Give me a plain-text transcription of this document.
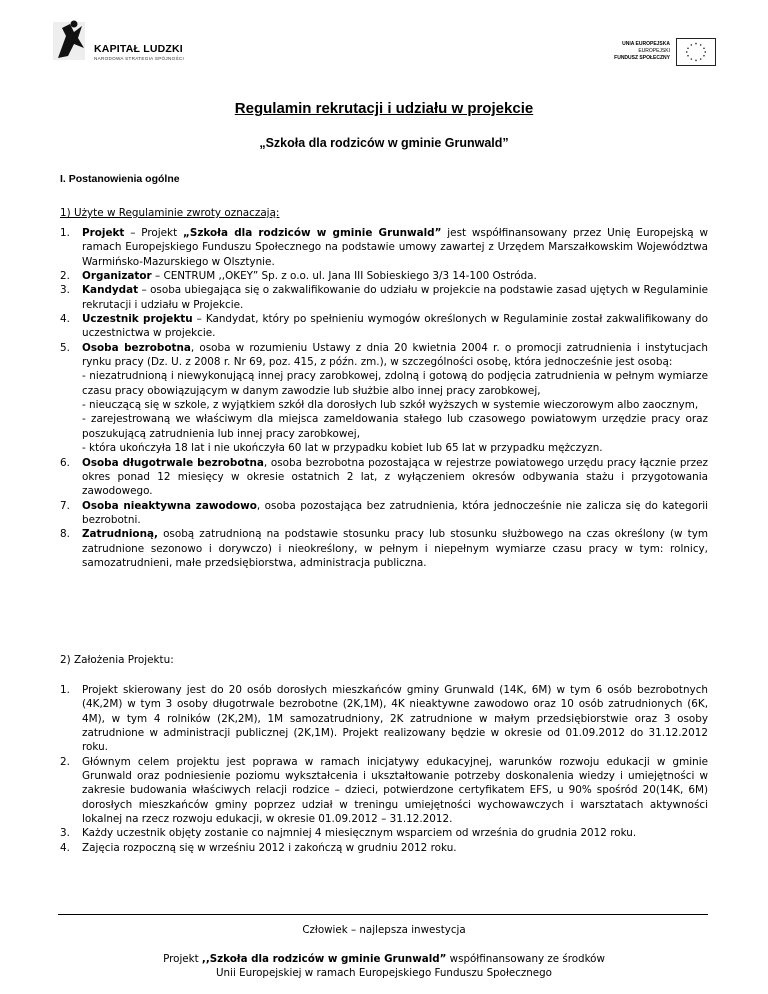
KAPITAŁ LUDZKI
NARODOWA STRATEGIA SPÓJNOŚCI
UNIA EUROPEJSKA
EUROPEJSKI
FUNDUSZ SPOŁECZNY
Regulamin rekrutacji i udziału w projekcie
„Szkoła dla rodziców w gminie Grunwald”
I. Postanowienia ogólne
1) Użyte w Regulaminie zwroty oznaczają:
1. Projekt – Projekt „Szkoła dla rodziców w gminie Grunwald” jest współfinansowany przez Unię Europejską w ramach Europejskiego Funduszu Społecznego na podstawie umowy zawartej z Urzędem Marszałkowskim Województwa Warmińsko-Mazurskiego w Olsztynie.
2. Organizator – CENTRUM ,,OKEY” Sp. z o.o. ul. Jana III Sobieskiego 3/3 14-100 Ostróda.
3. Kandydat – osoba ubiegająca się o zakwalifikowanie do udziału w projekcie na podstawie zasad ujętych w Regulaminie rekrutacji i udziału w Projekcie.
4. Uczestnik projektu – Kandydat, który po spełnieniu wymogów określonych w Regulaminie został zakwalifikowany do uczestnictwa w projekcie.
5. Osoba bezrobotna, osoba w rozumieniu Ustawy z dnia 20 kwietnia 2004 r. o promocji zatrudnienia i instytucjach rynku pracy (Dz. U. z 2008 r. Nr 69, poz. 415, z późn. zm.), w szczególności osobę, która jednocześnie jest osobą:
- niezatrudnioną i niewykonującą innej pracy zarobkowej, zdolną i gotową do podjęcia zatrudnienia w pełnym wymiarze czasu pracy obowiązującym w danym zawodzie lub służbie albo innej pracy zarobkowej,
- nieuczącą się w szkole, z wyjątkiem szkół dla dorosłych lub szkół wyższych w systemie wieczorowym albo zaocznym,
- zarejestrowaną we właściwym dla miejsca zameldowania stałego lub czasowego powiatowym urzędzie pracy oraz poszukującą zatrudnienia lub innej pracy zarobkowej,
- która ukończyła 18 lat i nie ukończyła 60 lat w przypadku kobiet lub 65 lat w przypadku mężczyzn.
6. Osoba długotrwale bezrobotna, osoba bezrobotna pozostająca w rejestrze powiatowego urzędu pracy łącznie przez okres ponad 12 miesięcy w okresie ostatnich 2 lat, z wyłączeniem okresów odbywania stażu i przygotowania zawodowego.
7. Osoba nieaktywna zawodowo, osoba pozostająca bez zatrudnienia, która jednocześnie nie zalicza się do kategorii bezrobotni.
8. Zatrudnioną, osobą zatrudnioną na podstawie stosunku pracy lub stosunku służbowego na czas określony (w tym zatrudnione sezonowo i dorywczo) i nieokreślony, w pełnym i niepełnym wymiarze czasu pracy w tym: rolnicy, samozatrudnieni, małe przedsiębiorstwa, administracja publiczna.
2) Założenia Projektu:
1. Projekt skierowany jest do 20 osób dorosłych mieszkańców gminy Grunwald (14K, 6M) w tym 6 osób bezrobotnych (4K,2M) w tym 3 osoby długotrwale bezrobotne (2K,1M), 4K nieaktywne zawodowo oraz 10 osób zatrudnionych (6K, 4M), w tym 4 rolników (2K,2M), 1M samozatrudniony, 2K zatrudnione w małym przedsiębiorstwie oraz 3 osoby zatrudnione w administracji publicznej (2K,1M). Projekt realizowany będzie w okresie od 01.09.2012 do 31.12.2012 roku.
2. Głównym celem projektu jest poprawa w ramach inicjatywy edukacyjnej, warunków rozwoju edukacji w gminie Grunwald oraz podniesienie poziomu wykształcenia i ukształtowanie potrzeby doskonalenia wiedzy i umiejętności w zakresie budowania właściwych relacji rodzice – dzieci, potwierdzone certyfikatem EFS, u 90% spośród 20(14K, 6M) dorosłych mieszkańców gminy poprzez udział w treningu umiejętności wychowawczych i warsztatach aktywności lokalnej na rzecz rozwoju edukacji, w okresie 01.09.2012 – 31.12.2012.
3. Każdy uczestnik objęty zostanie co najmniej 4 miesięcznym wsparciem od września do grudnia 2012 roku.
4. Zajęcia rozpoczną się w wrześniu 2012 i zakończą w grudniu 2012 roku.
Człowiek – najlepsza inwestycja
Projekt ,,Szkoła dla rodziców w gminie Grunwald” współfinansowany ze środków
Unii Europejskiej w ramach Europejskiego Funduszu Społecznego
